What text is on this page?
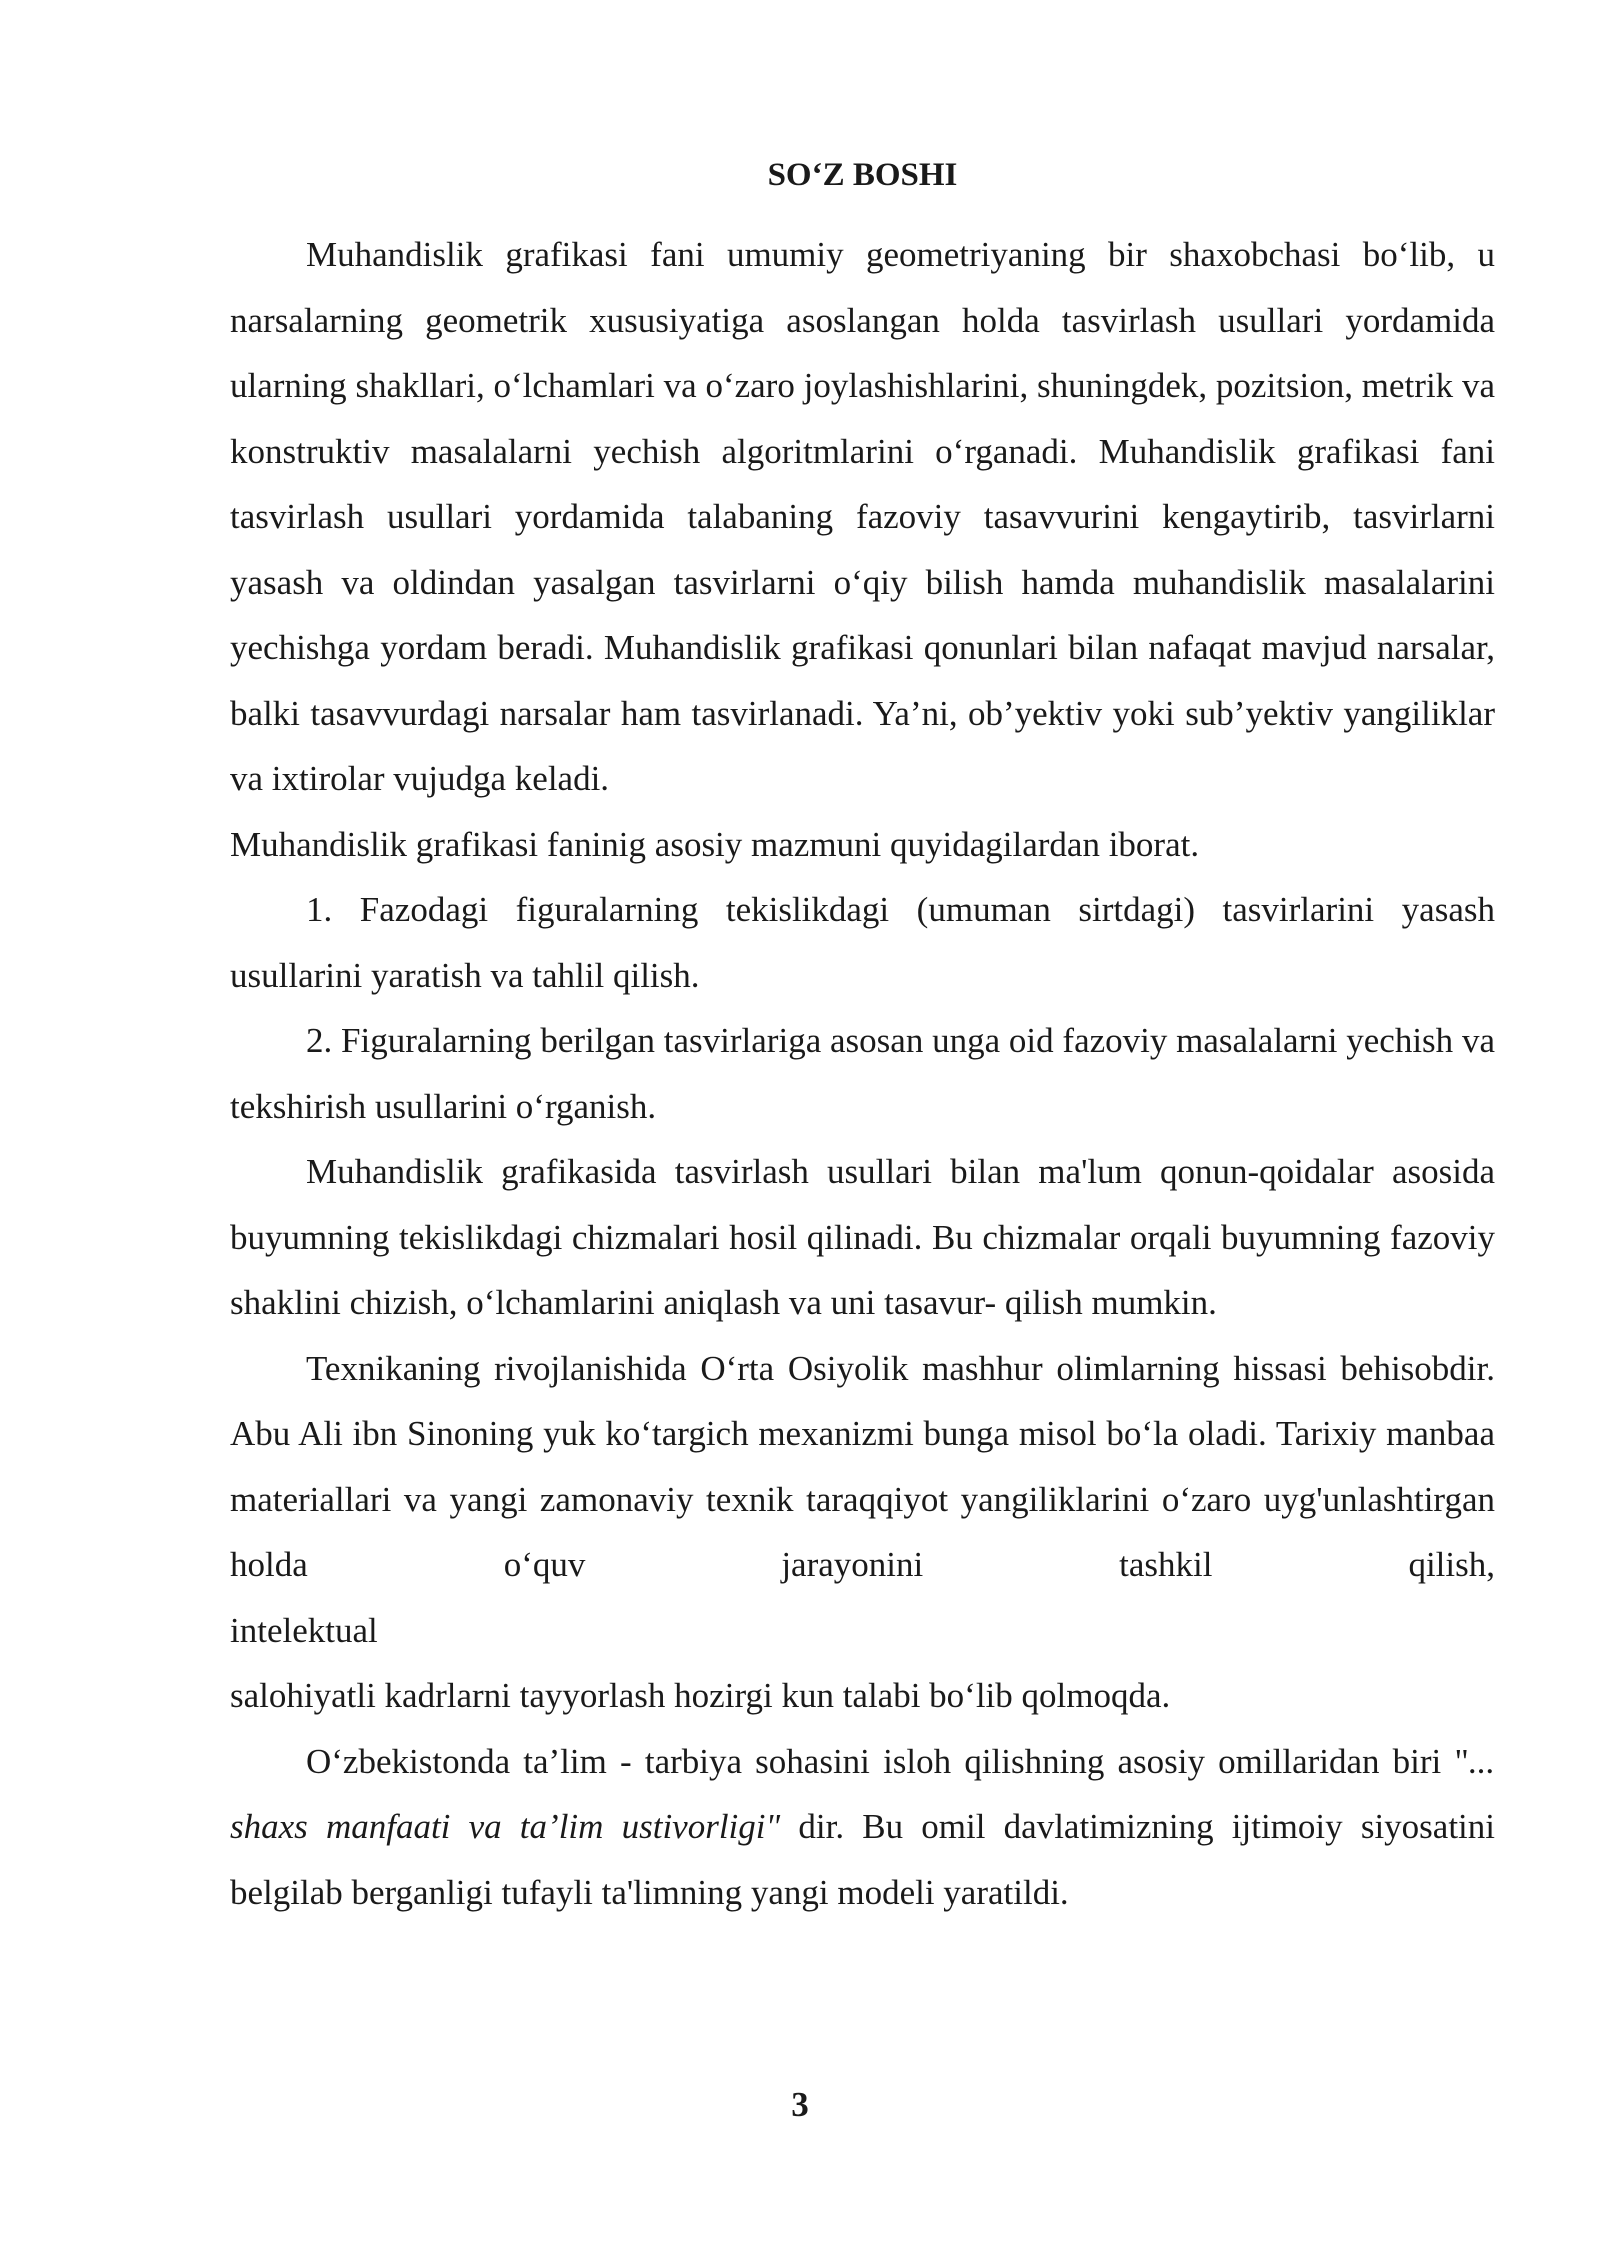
SO‘Z BOSHI

Muhandislik grafikasi fani umumiy geometriyaning bir shaxobchasi bo‘lib, u narsalarning geometrik xususiyatiga asoslangan holda tasvirlash usullari yordamida ularning shakllari, o‘lchamlari va o‘zaro joylashishlarini, shuningdek, pozitsion, metrik va konstruktiv masalalarni yechish algoritmlarini o‘rganadi. Muhandislik grafikasi fani tasvirlash usullari yordamida talabaning fazoviy tasavvurini kengaytirib, tasvirlarni yasash va oldindan yasalgan tasvirlarni o‘qiy bilish hamda muhandislik masalalarini yechishga yordam beradi. Muhandislik grafikasi qonunlari bilan nafaqat mavjud narsalar, balki tasavvurdagi narsalar ham tasvirlanadi. Ya’ni, ob’yektiv yoki sub’yektiv yangiliklar va ixtirolar vujudga keladi.

Muhandislik grafikasi faninig asosiy mazmuni quyidagilardan iborat.

1. Fazodagi figuralarning tekislikdagi (umuman sirtdagi) tasvirlarini yasash usullarini yaratish va tahlil qilish.

2. Figuralarning berilgan tasvirlariga asosan unga oid fazoviy masalalarni yechish va tekshirish usullarini o‘rganish.

Muhandislik grafikasida tasvirlash usullari bilan ma'lum qonun-qoidalar asosida buyumning tekislikdagi chizmalari hosil qilinadi. Bu chizmalar orqali buyumning fazoviy shaklini chizish, o‘lchamlarini aniqlash va uni tasavur- qilish mumkin.

Texnikaning rivojlanishida O‘rta Osiyolik mashhur olimlarning hissasi behisobdir. Abu Ali ibn Sinoning yuk ko‘targich mexanizmi bunga misol bo‘la oladi. Tarixiy manbaa materiallari va yangi zamonaviy texnik taraqqiyot yangiliklarini o‘zaro uyg'unlashtirgan holda o‘quv jarayonini tashkil qilish,

intelektual

salohiyatli kadrlarni tayyorlash hozirgi kun talabi bo‘lib qolmoqda.

O‘zbekistonda ta’lim - tarbiya sohasini isloh qilishning asosiy omillaridan biri "... shaxs manfaati va ta’lim ustivorligi" dir. Bu omil davlatimizning ijtimoiy siyosatini belgilab berganligi tufayli ta'limning yangi modeli yaratildi.

3
